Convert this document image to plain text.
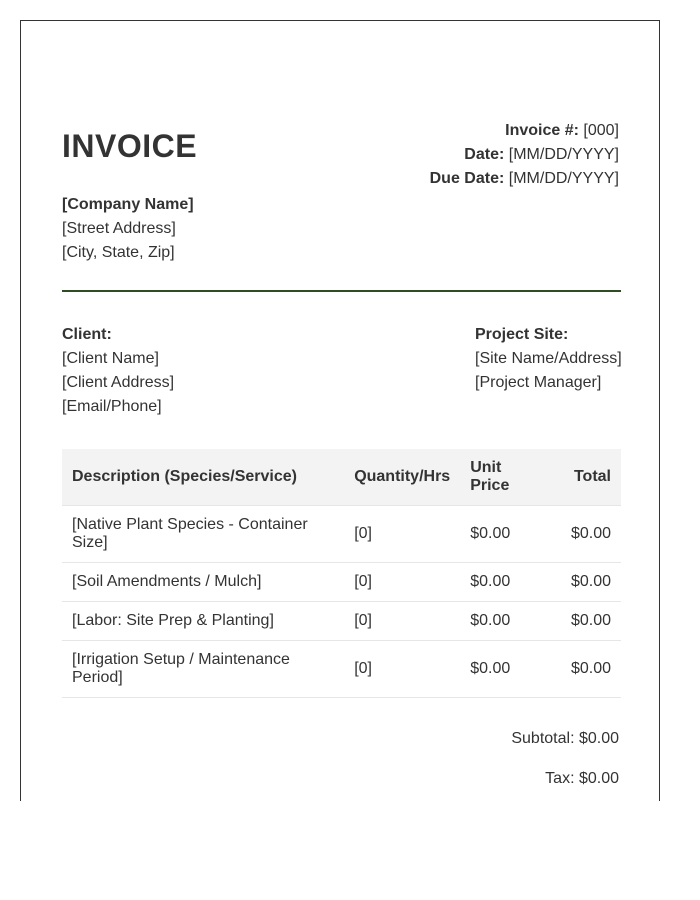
INVOICE	Invoice #: [000]
Date: [MM/DD/YYYY]
Due Date: [MM/DD/YYYY]
[Company Name]
[Street Address]
[City, State, Zip]
Client:
[Client Name]
[Client Address]
[Email/Phone]
Project Site:
[Site Name/Address]
[Project Manager]
Description (Species/Service)	Quantity/Hrs	Unit Price	Total
[Native Plant Species - Container Size]	[0]	$0.00	$0.00
[Soil Amendments / Mulch]	[0]	$0.00	$0.00
[Labor: Site Prep & Planting]	[0]	$0.00	$0.00
[Irrigation Setup / Maintenance Period]	[0]	$0.00	$0.00
Subtotal: $0.00
Tax: $0.00
